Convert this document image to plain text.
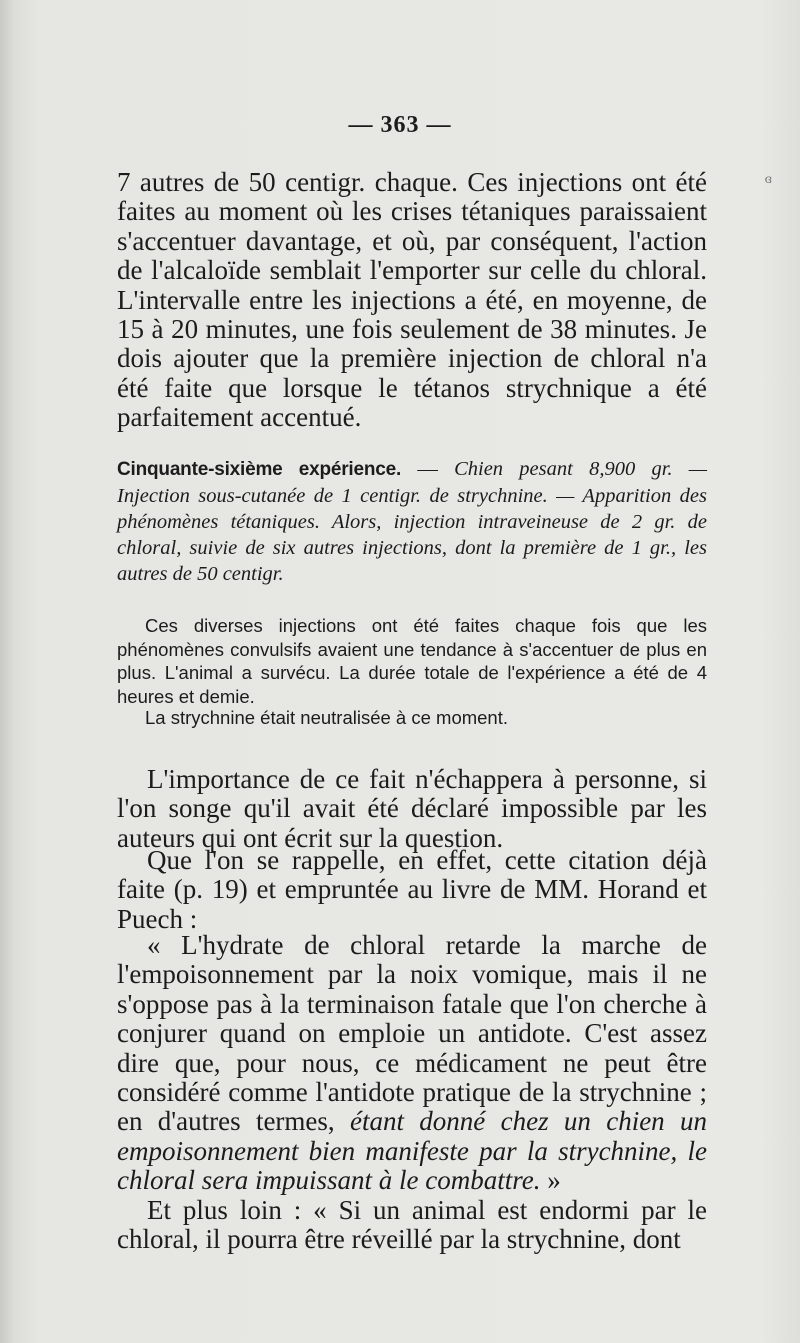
— 363 —
ɞ

7 autres de 50 centigr. chaque. Ces injections ont été faites au moment où les crises tétaniques paraissaient s'accentuer davantage, et où, par conséquent, l'action de l'alcaloïde semblait l'emporter sur celle du chloral. L'intervalle entre les injections a été, en moyenne, de 15 à 20 minutes, une fois seulement de 38 minutes. Je dois ajouter que la première injection de chloral n'a été faite que lorsque le tétanos strychnique a été parfaitement accentué.

Cinquante-sixième expérience. — Chien pesant 8,900 gr. — Injection sous-cutanée de 1 centigr. de strychnine. — Apparition des phénomènes tétaniques. Alors, injection intraveineuse de 2 gr. de chloral, suivie de six autres injections, dont la première de 1 gr., les autres de 50 centigr.

Ces diverses injections ont été faites chaque fois que les phénomènes convulsifs avaient une tendance à s'accentuer de plus en plus. L'animal a survécu. La durée totale de l'expérience a été de 4 heures et demie.

La strychnine était neutralisée à ce moment.

L'importance de ce fait n'échappera à personne, si l'on songe qu'il avait été déclaré impossible par les auteurs qui ont écrit sur la question.

Que l'on se rappelle, en effet, cette citation déjà faite (p. 19) et empruntée au livre de MM. Horand et Puech :

« L'hydrate de chloral retarde la marche de l'empoisonnement par la noix vomique, mais il ne s'oppose pas à la terminaison fatale que l'on cherche à conjurer quand on emploie un antidote. C'est assez dire que, pour nous, ce médicament ne peut être considéré comme l'antidote pratique de la strychnine ; en d'autres termes, étant donné chez un chien un empoisonnement bien manifeste par la strychnine, le chloral sera impuissant à le combattre. »

Et plus loin : « Si un animal est endormi par le chloral, il pourra être réveillé par la strychnine, dont
